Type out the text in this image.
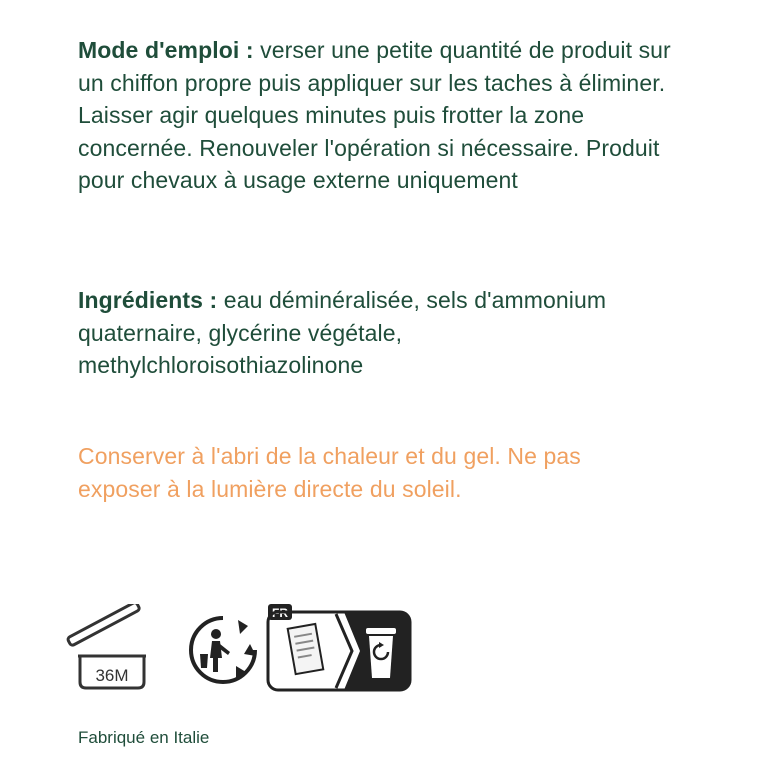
Mode d'emploi : verser une petite quantité de produit sur un chiffon propre puis appliquer sur les taches à éliminer. Laisser agir quelques minutes puis frotter la zone concernée. Renouveler l'opération si nécessaire. Produit pour chevaux à usage externe uniquement
Ingrédients : eau déminéralisée, sels d'ammonium quaternaire, glycérine végétale, methylchloroisothiazolinone
Conserver à l'abri de la chaleur et du gel. Ne pas exposer à la lumière directe du soleil.
36M
FR
Fabriqué en Italie
